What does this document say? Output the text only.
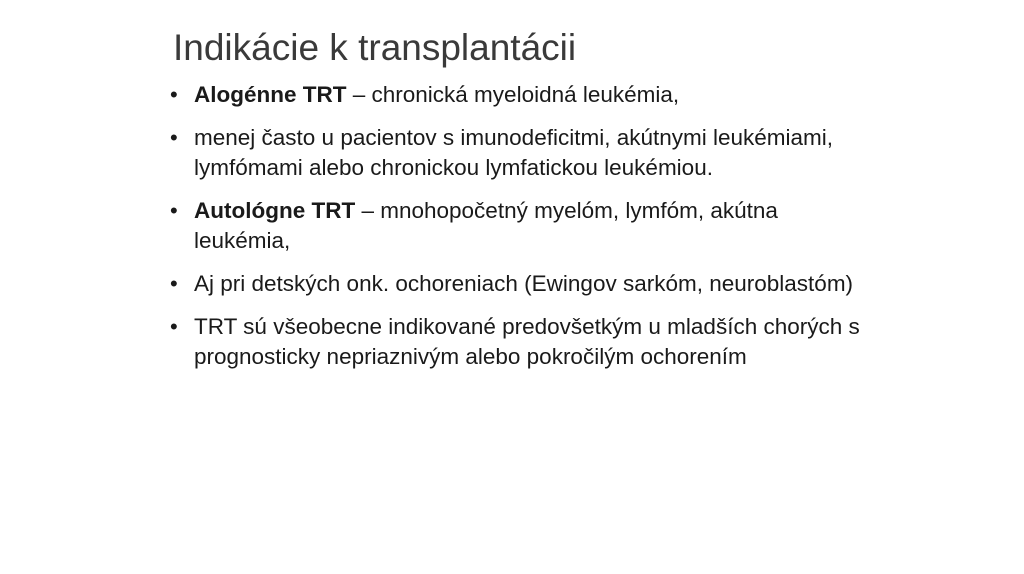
Indikácie k transplantácii
• Alogénne TRT – chronická myeloidná leukémia,
• menej často u pacientov s imunodeficitmi, akútnymi leukémiami, lymfómami alebo chronickou lymfatickou leukémiou.
• Autológne TRT – mnohopočetný myelóm, lymfóm, akútna leukémia,
• Aj pri detských onk. ochoreniach (Ewingov sarkóm, neuroblastóm)
• TRT sú všeobecne indikované predovšetkým u mladších chorých s prognosticky nepriaznivým alebo pokročilým ochorením
